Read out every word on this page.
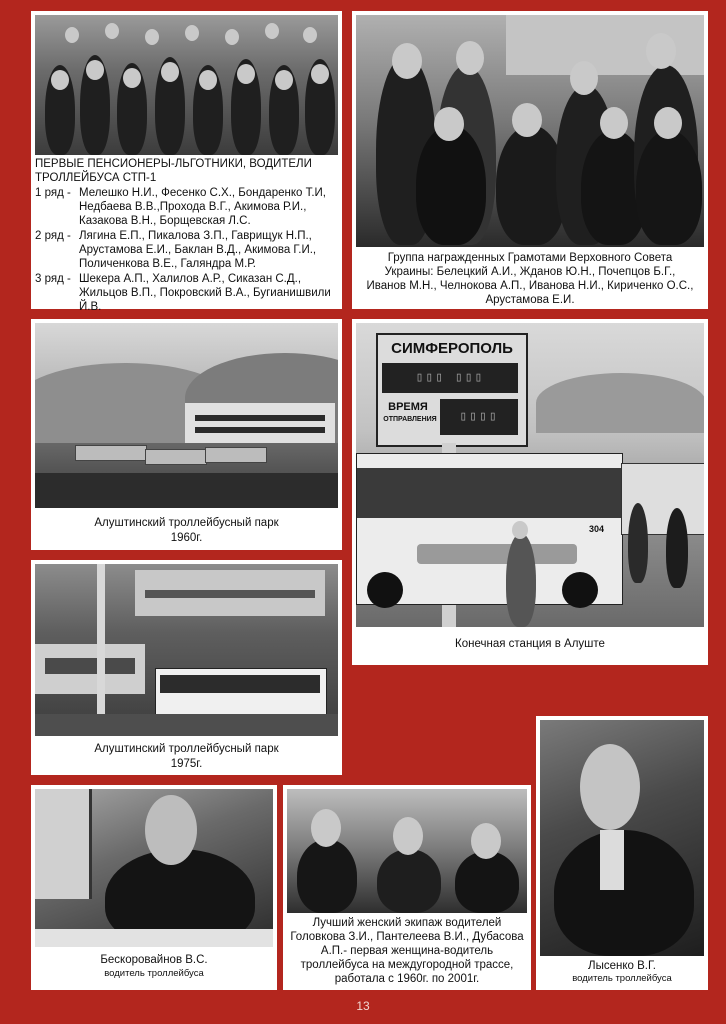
ПЕРВЫЕ ПЕНСИОНЕРЫ-ЛЬГОТНИКИ, ВОДИТЕЛИ ТРОЛЛЕЙБУСА СТП-1
1 ряд - Мелешко Н.И., Фесенко С.Х., Бондаренко Т.И, Недбаева В.В.,Прохода В.Г., Акимова Р.И., Казакова В.Н., Борщевская Л.С.
2 ряд - Лягина Е.П., Пикалова З.П., Гаврищук Н.П., Арустамова Е.И., Баклан В.Д., Акимова Г.И., Поличенкова В.Е., Галяндра М.Р.
3 ряд - Шекера А.П., Халилов А.Р., Сиказан С.Д., Жильцов В.П., Покровский В.А., Бугианишвили Й.В.
Группа награжденных Грамотами Верховного Совета Украины: Белецкий А.И., Жданов Ю.Н., Почепцов Б.Г., Иванов М.Н., Челнокова А.П., Иванова Н.И., Кириченко О.С., Арустамова Е.И.
Алуштинский троллейбусный парк
1960г.
СИМФЕРОПОЛЬ
▯▯▯ ▯▯▯
ВРЕМЯ
ОТПРАВЛЕНИЯ	▯▯▯▯
304
Конечная станция в Алуште
Алуштинский троллейбусный парк
1975г.
Бескоровайнов В.С.
водитель троллейбуса
Лучший женский экипаж водителей Головкова З.И., Пантелеева В.И., Дубасова А.П.- первая женщина-водитель троллейбуса на междугородной трассе, работала с 1960г. по 2001г.
Лысенко В.Г.
водитель троллейбуса
13
